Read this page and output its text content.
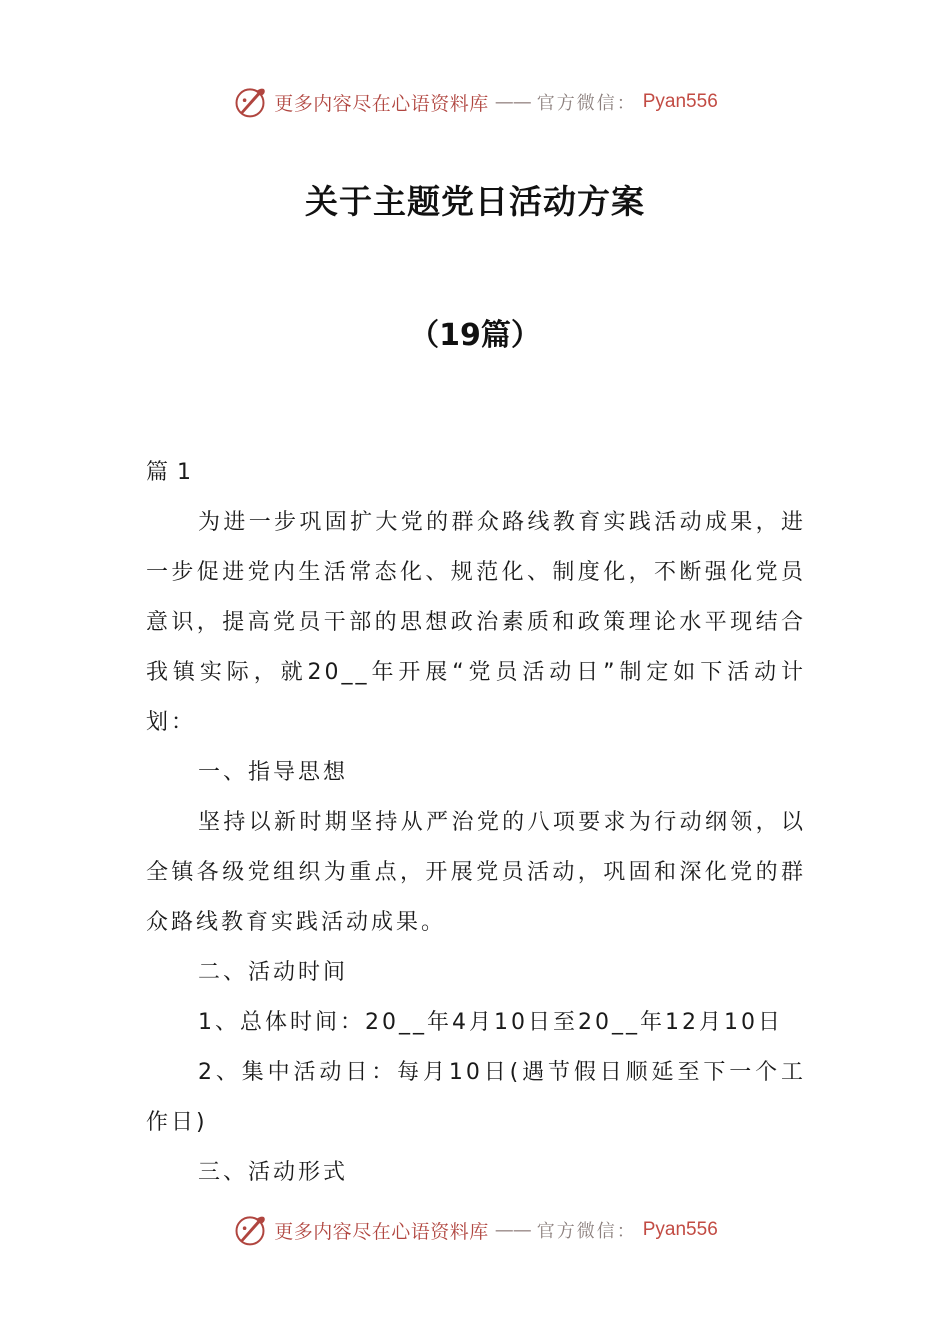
更多内容尽在心语资料库 —— 官方微信： Pyan556
关于主题党日活动方案
（19篇）

篇 1

为进一步巩固扩大党的群众路线教育实践活动成果，进一步促进党内生活常态化、规范化、制度化，不断强化党员意识，提高党员干部的思想政治素质和政策理论水平现结合我镇实际，就20__年开展“党员活动日”制定如下活动计划：

一、指导思想

坚持以新时期坚持从严治党的八项要求为行动纲领，以全镇各级党组织为重点，开展党员活动，巩固和深化党的群众路线教育实践活动成果。

二、活动时间

1、总体时间：20__年4月10日至20__年12月10日

2、集中活动日：每月10日(遇节假日顺延至下一个工作日)

三、活动形式

更多内容尽在心语资料库 —— 官方微信： Pyan556
